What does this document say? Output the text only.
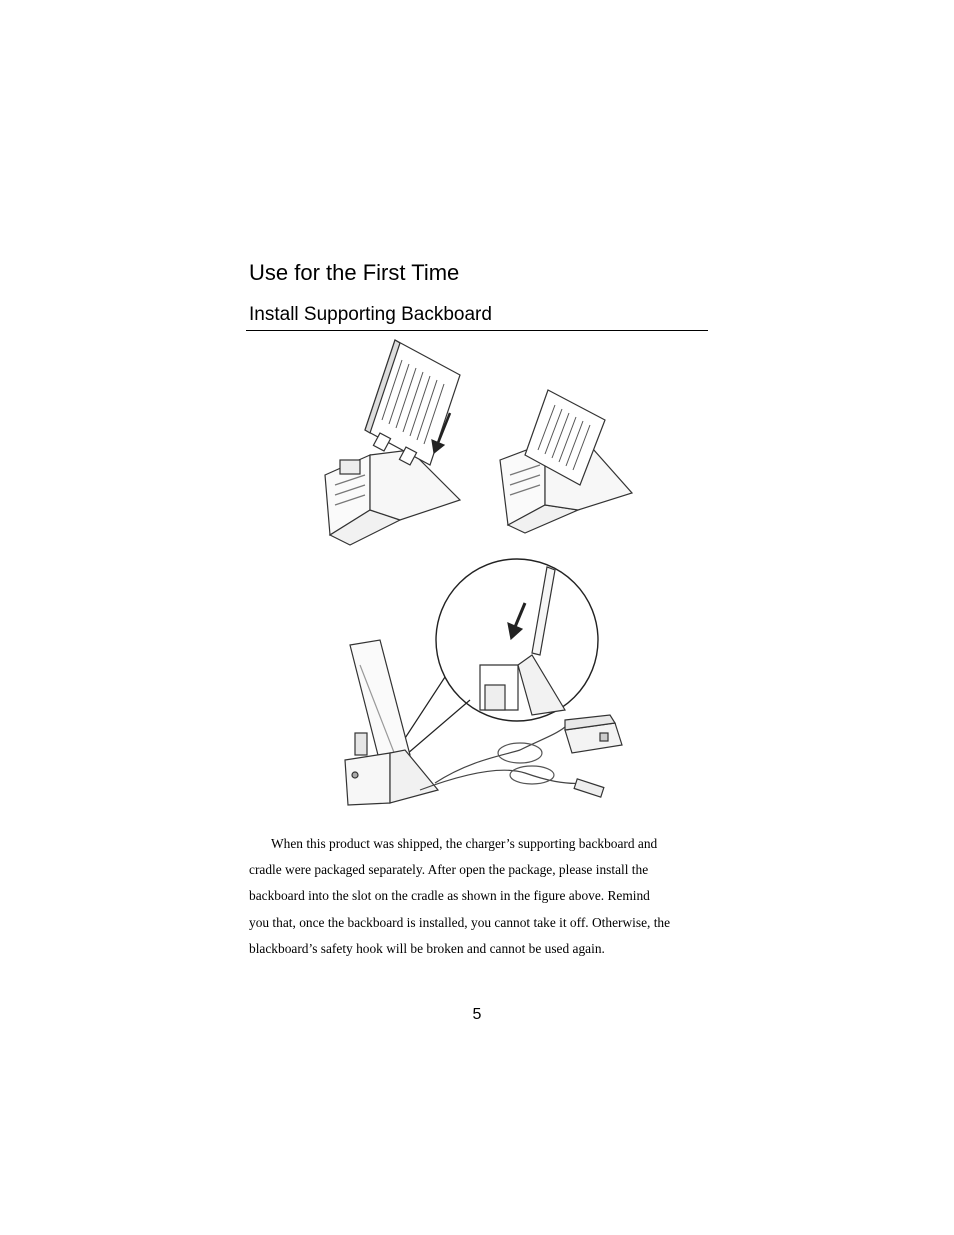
Use for the First Time
Install Supporting Backboard
When this product was shipped, the charger’s supporting backboard and
cradle were packaged separately. After open the package, please install the
backboard into the slot on the cradle as shown in the figure above. Remind
you that, once the backboard is installed, you cannot take it off. Otherwise, the
blackboard’s safety hook will be broken and cannot be used again.
5
